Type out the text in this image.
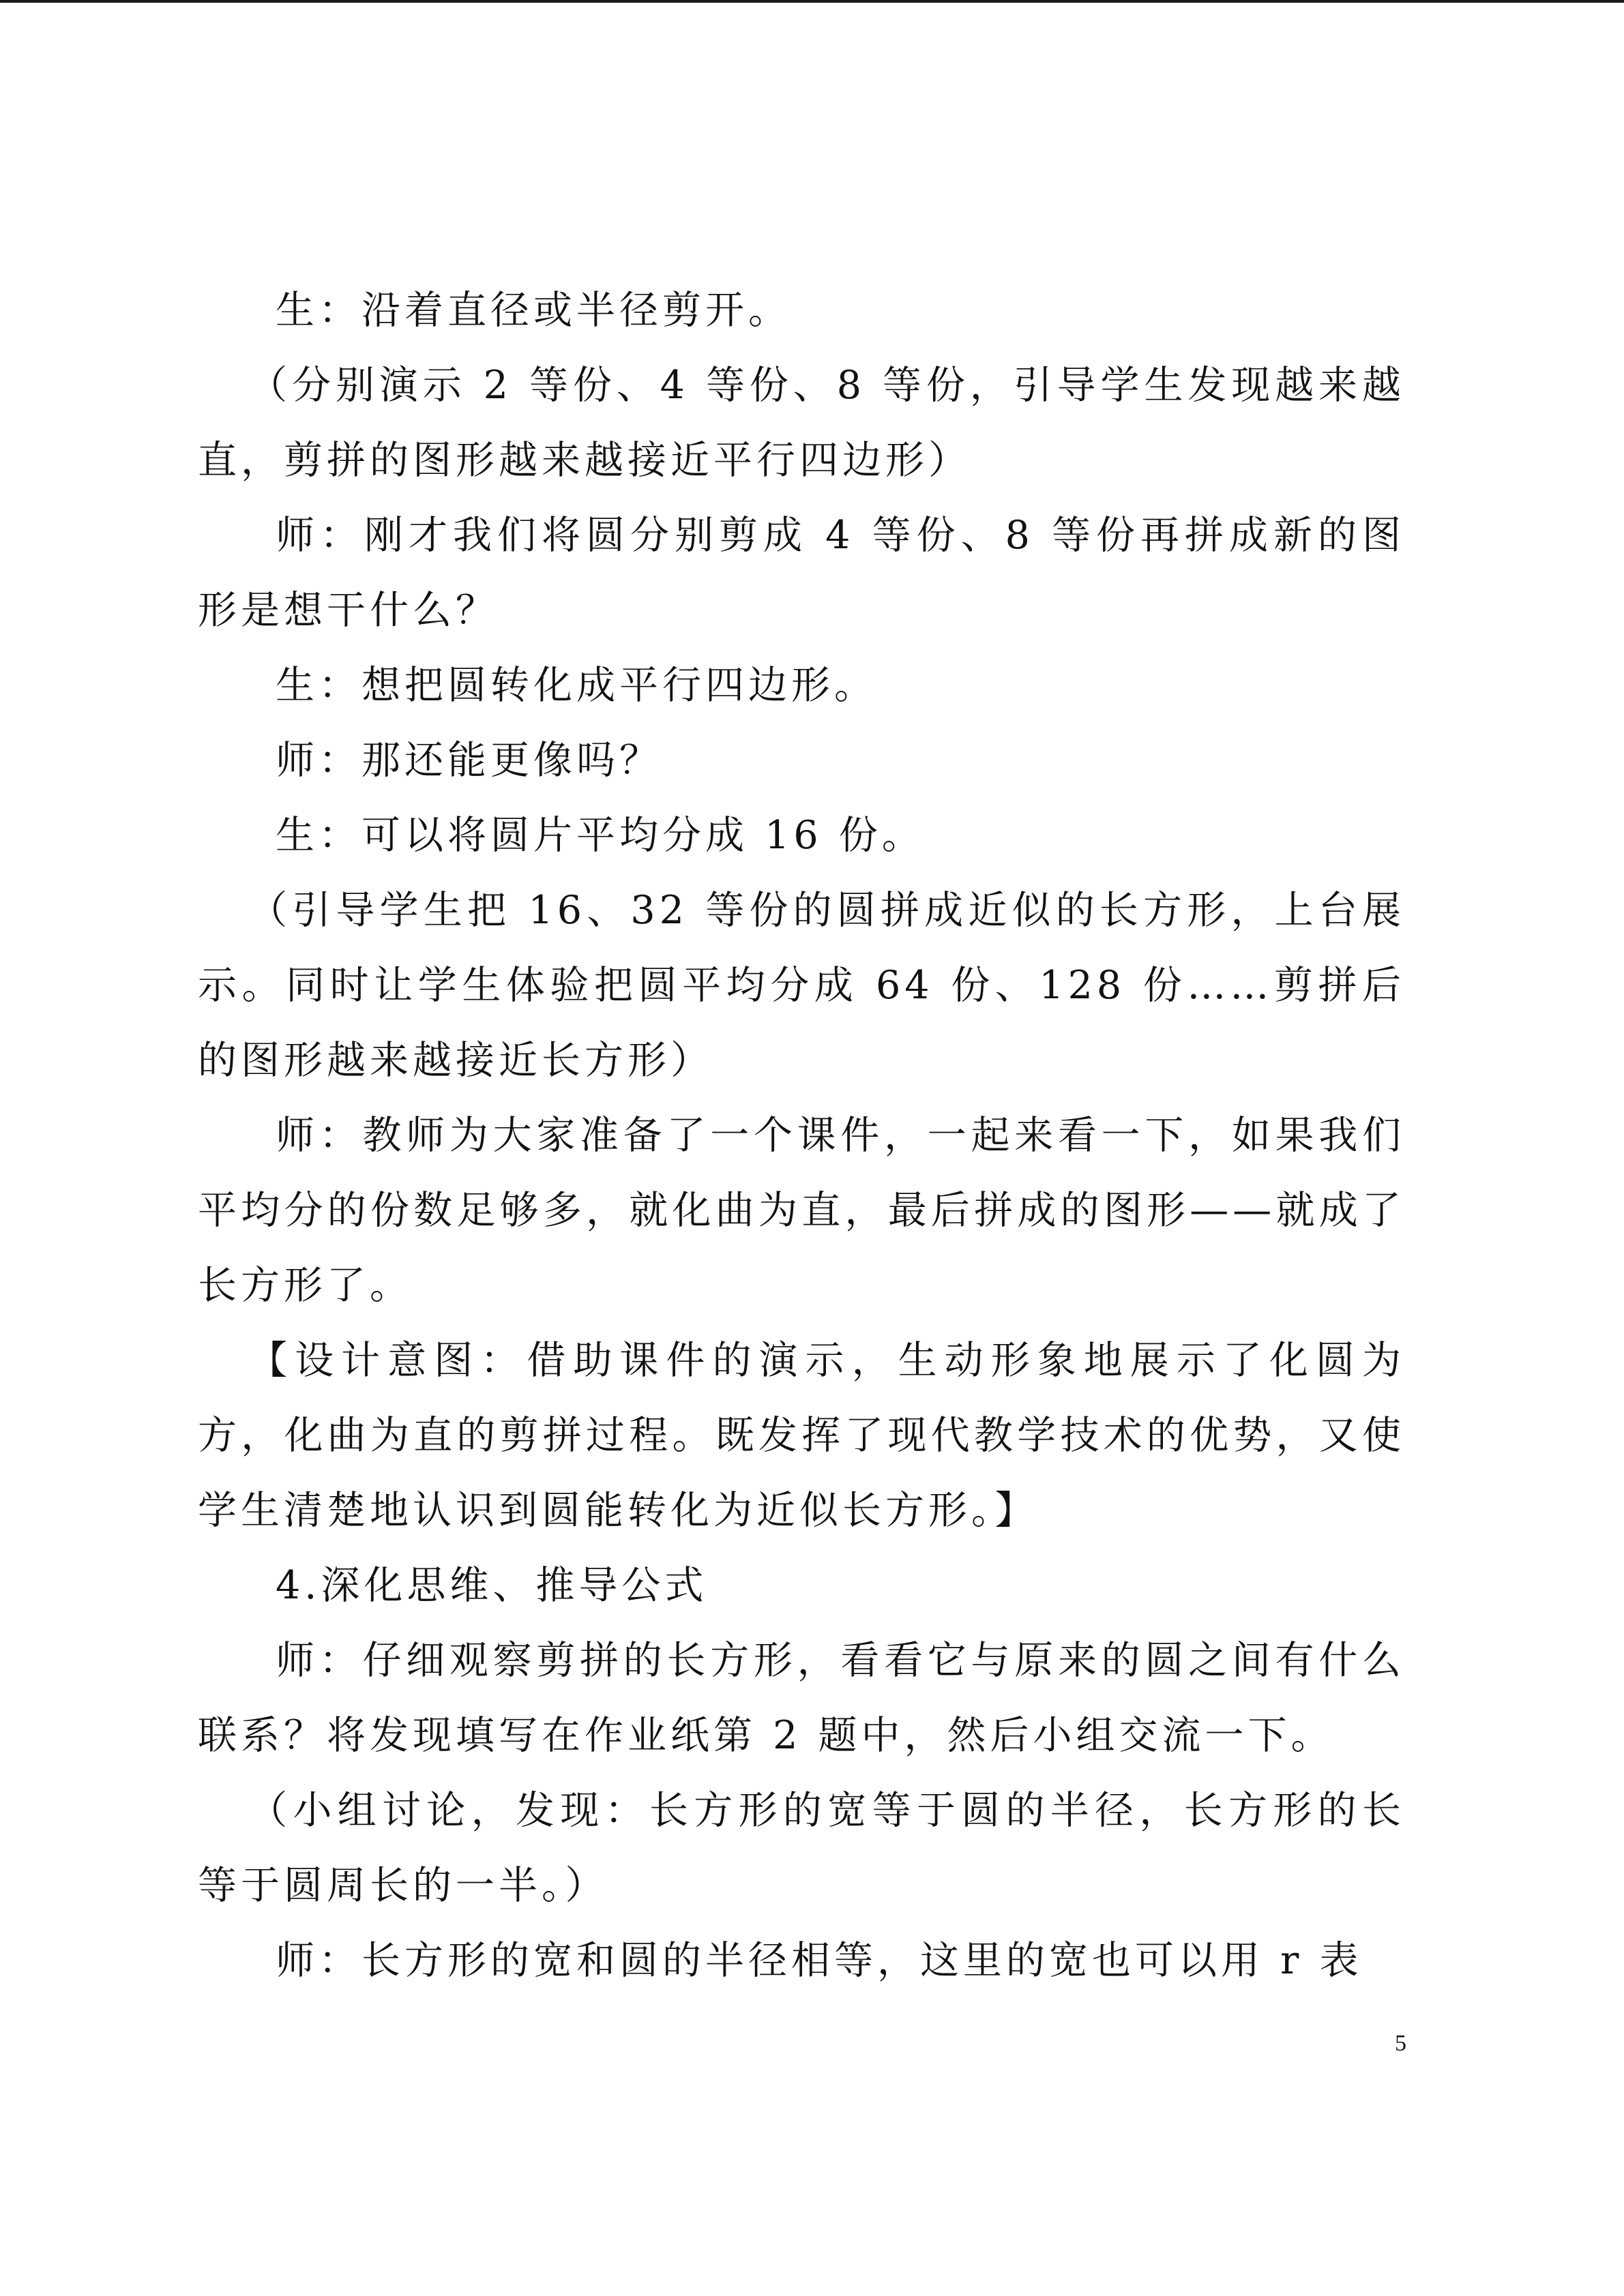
生：沿着直径或半径剪开。

（分别演示 2 等份、4 等份、8 等份，引导学生发现越来越直，剪拼的图形越来越接近平行四边形）

师：刚才我们将圆分别剪成 4 等份、8 等份再拼成新的图形是想干什么？

生：想把圆转化成平行四边形。

师：那还能更像吗？

生：可以将圆片平均分成 16 份。

（引导学生把 16、32 等份的圆拼成近似的长方形，上台展示。同时让学生体验把圆平均分成 64 份、128 份……剪拼后的图形越来越接近长方形）

师：教师为大家准备了一个课件，一起来看一下，如果我们平均分的份数足够多，就化曲为直，最后拼成的图形——就成了长方形了。

【设计意图：借助课件的演示，生动形象地展示了化圆为方，化曲为直的剪拼过程。既发挥了现代教学技术的优势，又使学生清楚地认识到圆能转化为近似长方形。】

4.深化思维、推导公式

师：仔细观察剪拼的长方形，看看它与原来的圆之间有什么联系？将发现填写在作业纸第 2 题中，然后小组交流一下。

（小组讨论，发现：长方形的宽等于圆的半径，长方形的长等于圆周长的一半。）

师：长方形的宽和圆的半径相等，这里的宽也可以用 r 表

5
